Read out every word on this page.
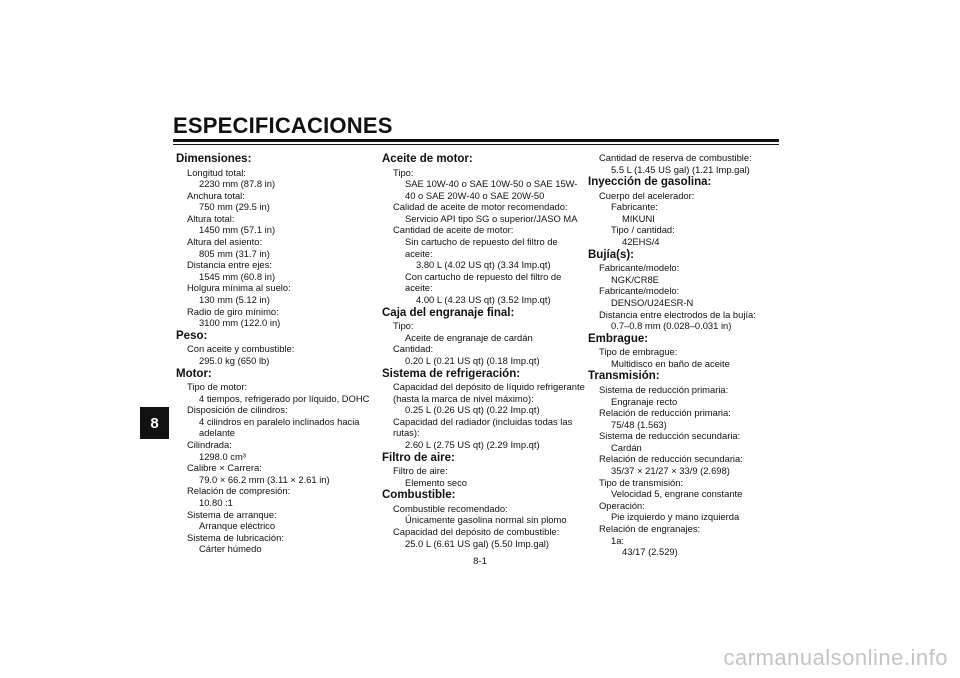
ESPECIFICACIONES
8
Dimensiones:
Longitud total:
2230 mm (87.8 in)
Anchura total:
750 mm (29.5 in)
Altura total:
1450 mm (57.1 in)
Altura del asiento:
805 mm (31.7 in)
Distancia entre ejes:
1545 mm (60.8 in)
Holgura mínima al suelo:
130 mm (5.12 in)
Radio de giro mínimo:
3100 mm (122.0 in)
Peso:
Con aceite y combustible:
295.0 kg (650 lb)
Motor:
Tipo de motor:
4 tiempos, refrigerado por líquido, DOHC
Disposición de cilindros:
4 cilindros en paralelo inclinados hacia
adelante
Cilindrada:
1298.0 cm³
Calibre × Carrera:
79.0 × 66.2 mm (3.11 × 2.61 in)
Relación de compresión:
10.80 :1
Sistema de arranque:
Arranque eléctrico
Sistema de lubricación:
Cárter húmedo
Aceite de motor:
Tipo:
SAE 10W-40 o SAE 10W-50 o SAE 15W-
40 o SAE 20W-40 o SAE 20W-50
Calidad de aceite de motor recomendado:
Servicio API tipo SG o superior/JASO MA
Cantidad de aceite de motor:
Sin cartucho de repuesto del filtro de
aceite:
3.80 L (4.02 US qt) (3.34 Imp.qt)
Con cartucho de repuesto del filtro de
aceite:
4.00 L (4.23 US qt) (3.52 Imp.qt)
Caja del engranaje final:
Tipo:
Aceite de engranaje de cardán
Cantidad:
0.20 L (0.21 US qt) (0.18 Imp.qt)
Sistema de refrigeración:
Capacidad del depósito de líquido refrigerante
(hasta la marca de nivel máximo):
0.25 L (0.26 US qt) (0.22 Imp.qt)
Capacidad del radiador (incluidas todas las
rutas):
2.60 L (2.75 US qt) (2.29 Imp.qt)
Filtro de aire:
Filtro de aire:
Elemento seco
Combustible:
Combustible recomendado:
Únicamente gasolina normal sin plomo
Capacidad del depósito de combustible:
25.0 L (6.61 US gal) (5.50 Imp.gal)
Cantidad de reserva de combustible:
5.5 L (1.45 US gal) (1.21 Imp.gal)
Inyección de gasolina:
Cuerpo del acelerador:
Fabricante:
MIKUNI
Tipo / cantidad:
42EHS/4
Bujía(s):
Fabricante/modelo:
NGK/CR8E
Fabricante/modelo:
DENSO/U24ESR-N
Distancia entre electrodos de la bujía:
0.7–0.8 mm (0.028–0.031 in)
Embrague:
Tipo de embrague:
Multidisco en baño de aceite
Transmisión:
Sistema de reducción primaria:
Engranaje recto
Relación de reducción primaria:
75/48 (1.563)
Sistema de reducción secundaria:
Cardán
Relación de reducción secundaria:
35/37 × 21/27 × 33/9 (2.698)
Tipo de transmisión:
Velocidad 5, engrane constante
Operación:
Pie izquierdo y mano izquierda
Relación de engranajes:
1a:
43/17 (2.529)
8-1
carmanualsonline.info
